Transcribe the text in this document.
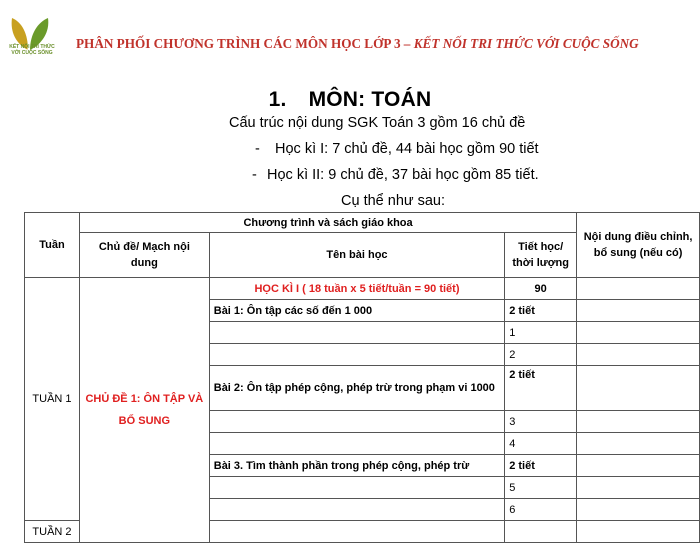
KẾT NỐI TRI THỨC VỚI CUỘC SỐNG
PHÂN PHỐI CHƯƠNG TRÌNH CÁC MÔN HỌC LỚP 3 – KẾT NỐI TRI THỨC VỚI CUỘC SỐNG
1. MÔN: TOÁN
Cấu trúc nội dung SGK Toán 3 gồm 16 chủ đề
- Học kì I: 7 chủ đề, 44 bài học gồm 90 tiết
- Học kì II: 9 chủ đề, 37 bài học gồm 85 tiết.
Cụ thể như sau:
Tuần	Chương trình và sách giáo khoa			Nội dung điều chỉnh, bổ sung (nếu có)
	Chủ đề/ Mạch nội dung	Tên bài học	Tiết học/ thời lượng	
TUẦN 1	CHỦ ĐỀ 1: ÔN TẬP VÀ BỔ SUNG	HỌC KÌ I ( 18 tuần x 5 tiết/tuần = 90 tiết)	90	
		Bài 1: Ôn tập các số đến 1 000	2 tiết	
			1	
			2	
		Bài 2: Ôn tập phép cộng, phép trừ trong phạm vi 1000	2 tiết	
			3	
			4	
		Bài 3. Tìm thành phần trong phép cộng, phép trừ	2 tiết	
			5	
			6	
TUẦN 2				
